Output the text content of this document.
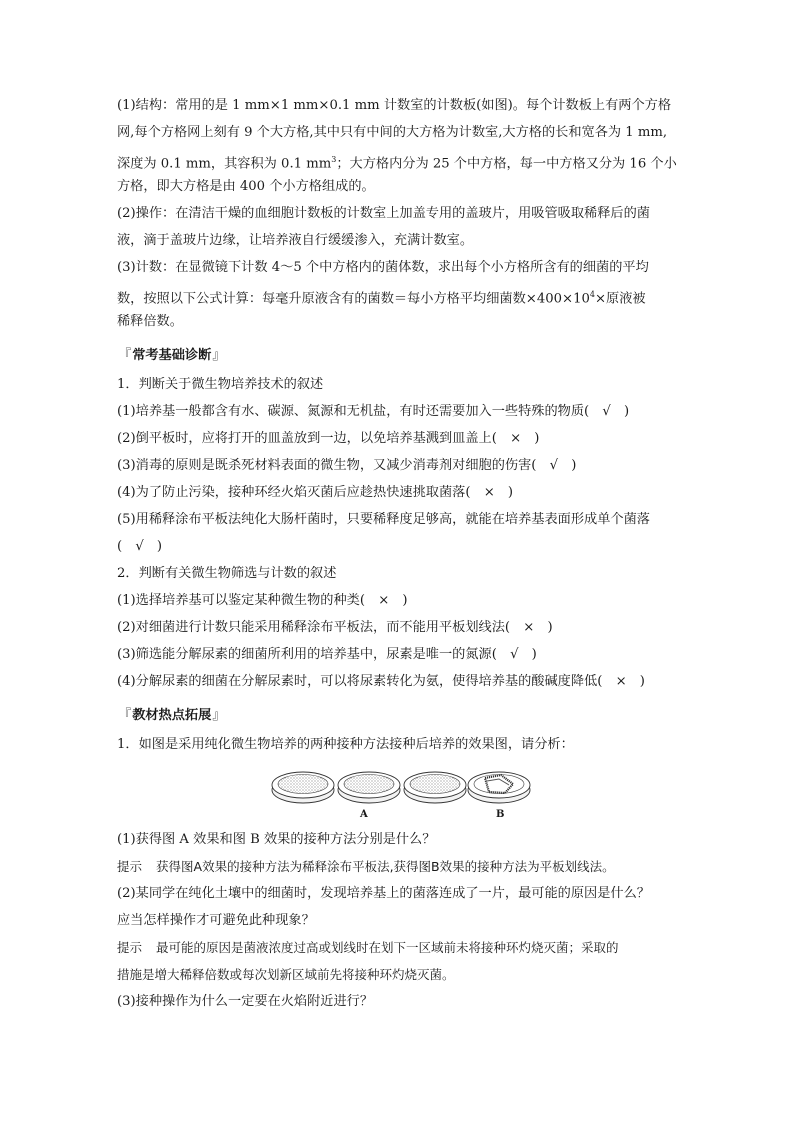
(1)结构：常用的是 1 mm×1 mm×0.1 mm 计数室的计数板(如图)。每个计数板上有两个方格
网,每个方格网上刻有 9 个大方格,其中只有中间的大方格为计数室,大方格的长和宽各为 1 mm,
深度为 0.1 mm，其容积为 0.1 $mm^3$；大方格内分为 25 个中方格，每一中方格又分为 16 个小
方格，即大方格是由 400 个小方格组成的。
(2)操作：在清洁干燥的血细胞计数板的计数室上加盖专用的盖玻片，用吸管吸取稀释后的菌
液，滴于盖玻片边缘，让培养液自行缓缓渗入，充满计数室。
(3)计数：在显微镜下计数 4～5 个中方格内的菌体数，求出每个小方格所含有的细菌的平均
数，按照以下公式计算：每毫升原液含有的菌数＝每小方格平均细菌数$\times 400\times 10^4\times$原液被
稀释倍数。
『常考基础诊断』
1．判断关于微生物培养技术的叙述
(1)培养基一般都含有水、碳源、氮源和无机盐，有时还需要加入一些特殊的物质(　√　)
(2)倒平板时，应将打开的皿盖放到一边，以免培养基溅到皿盖上(　×　)
(3)消毒的原则是既杀死材料表面的微生物，又减少消毒剂对细胞的伤害(　√　)
(4)为了防止污染，接种环经火焰灭菌后应趁热快速挑取菌落(　×　)
(5)用稀释涂布平板法纯化大肠杆菌时，只要稀释度足够高，就能在培养基表面形成单个菌落
(　√　)
2．判断有关微生物筛选与计数的叙述
(1)选择培养基可以鉴定某种微生物的种类(　×　)
(2)对细菌进行计数只能采用稀释涂布平板法，而不能用平板划线法(　×　)
(3)筛选能分解尿素的细菌所利用的培养基中，尿素是唯一的氮源(　√　)
(4)分解尿素的细菌在分解尿素时，可以将尿素转化为氨，使得培养基的酸碱度降低(　×　)
『教材热点拓展』
1．如图是采用纯化微生物培养的两种接种方法接种后培养的效果图，请分析：
A	B
(1)获得图 A 效果和图 B 效果的接种方法分别是什么？
提示 获得图A效果的接种方法为稀释涂布平板法,获得图B效果的接种方法为平板划线法。
(2)某同学在纯化土壤中的细菌时，发现培养基上的菌落连成了一片，最可能的原因是什么？
应当怎样操作才可避免此种现象？
提示 最可能的原因是菌液浓度过高或划线时在划下一区域前未将接种环灼烧灭菌；采取的
措施是增大稀释倍数或每次划新区域前先将接种环灼烧灭菌。
(3)接种操作为什么一定要在火焰附近进行？
